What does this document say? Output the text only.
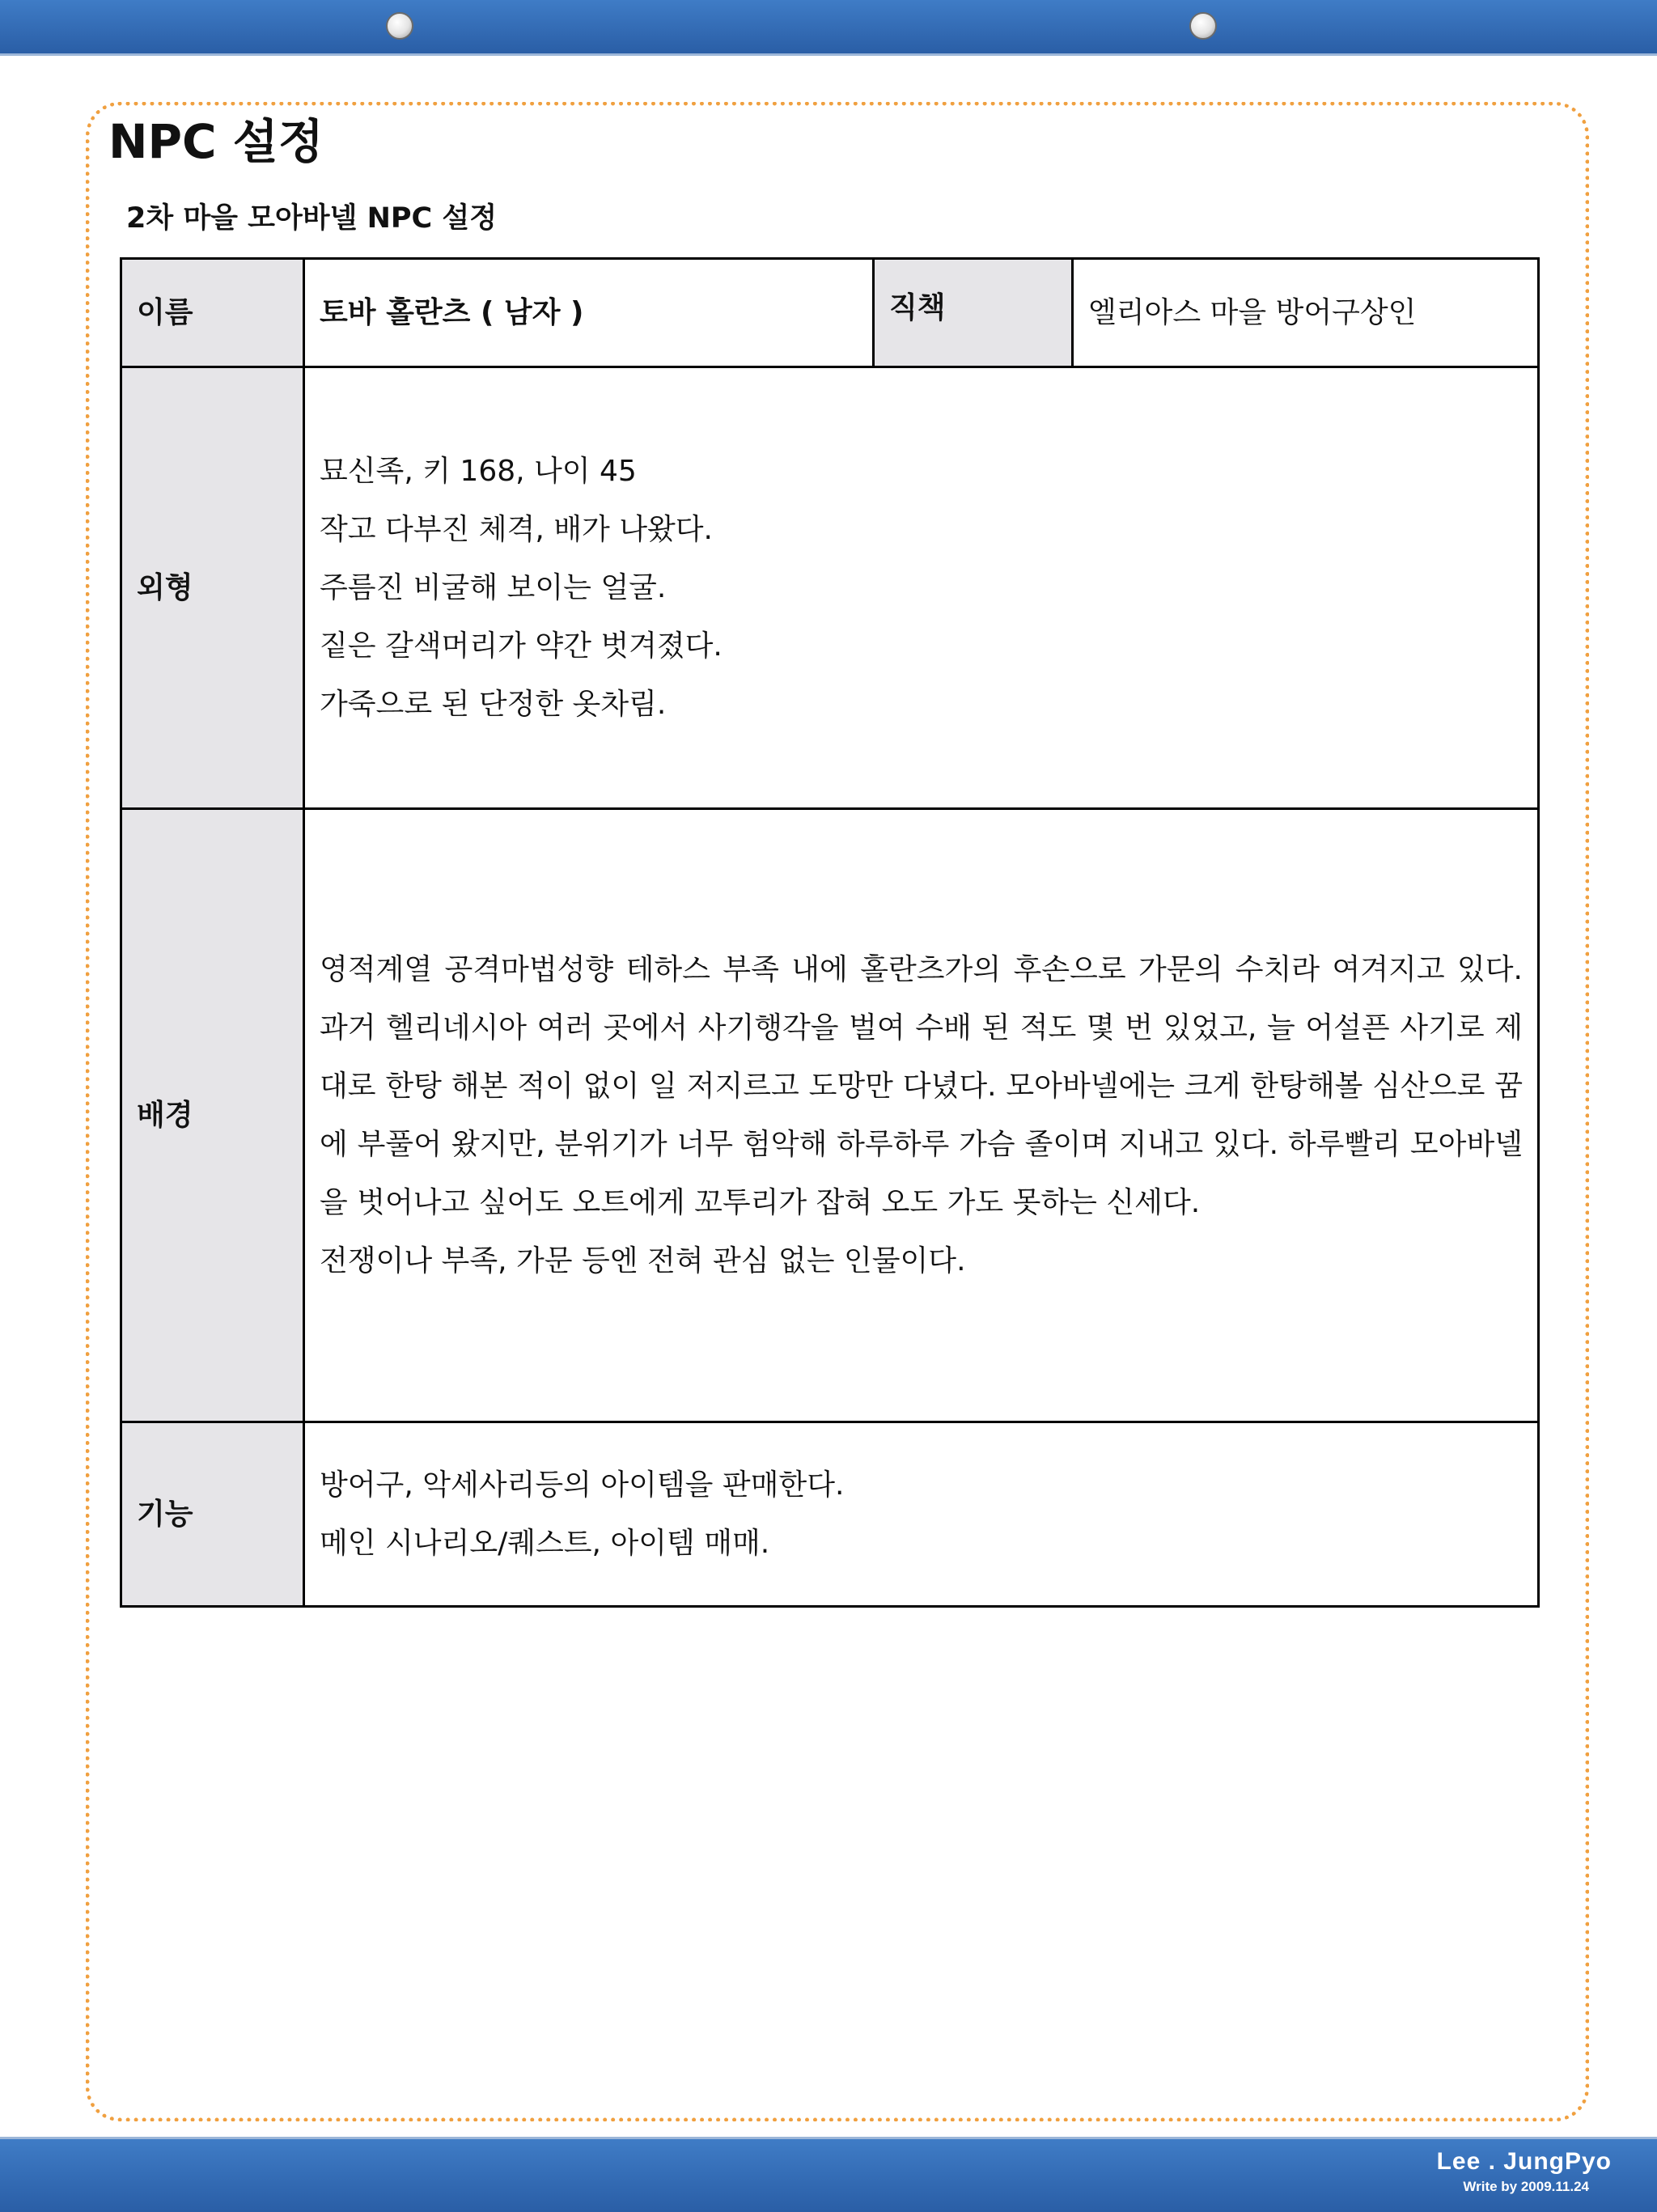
NPC 설정
2차 마을 모아바넬 NPC 설정
이름	토바 홀란츠 ( 남자 )	직책	엘리아스 마을 방어구상인
외형	묘신족, 키 168, 나이 45
작고 다부진 체격, 배가 나왔다.
주름진 비굴해 보이는 얼굴.
짙은 갈색머리가 약간 벗겨졌다.
가죽으로 된 단정한 옷차림.		

배경	영적계열 공격마법성향 테하스 부족 내에 홀란츠가의 후손으로 가문의 수치라 여겨지고 있다. 과거 헬리네시아 여러 곳에서 사기행각을 벌여 수배 된 적도 몇 번 있었고, 늘 어설픈 사기로 제대로 한탕 해본 적이 없이 일 저지르고 도망만 다녔다. 모아바넬에는 크게 한탕해볼 심산으로 꿈에 부풀어 왔지만, 분위기가 너무 험악해 하루하루 가슴 졸이며 지내고 있다. 하루빨리 모아바넬을 벗어나고 싶어도 오트에게 꼬투리가 잡혀 오도 가도 못하는 신세다.
전쟁이나 부족, 가문 등엔 전혀 관심 없는 인물이다.		

기능	방어구, 악세사리등의 아이템을 판매한다.
메인 시나리오/퀘스트, 아이템 매매.		
Lee . JungPyo
Write by 2009.11.24
